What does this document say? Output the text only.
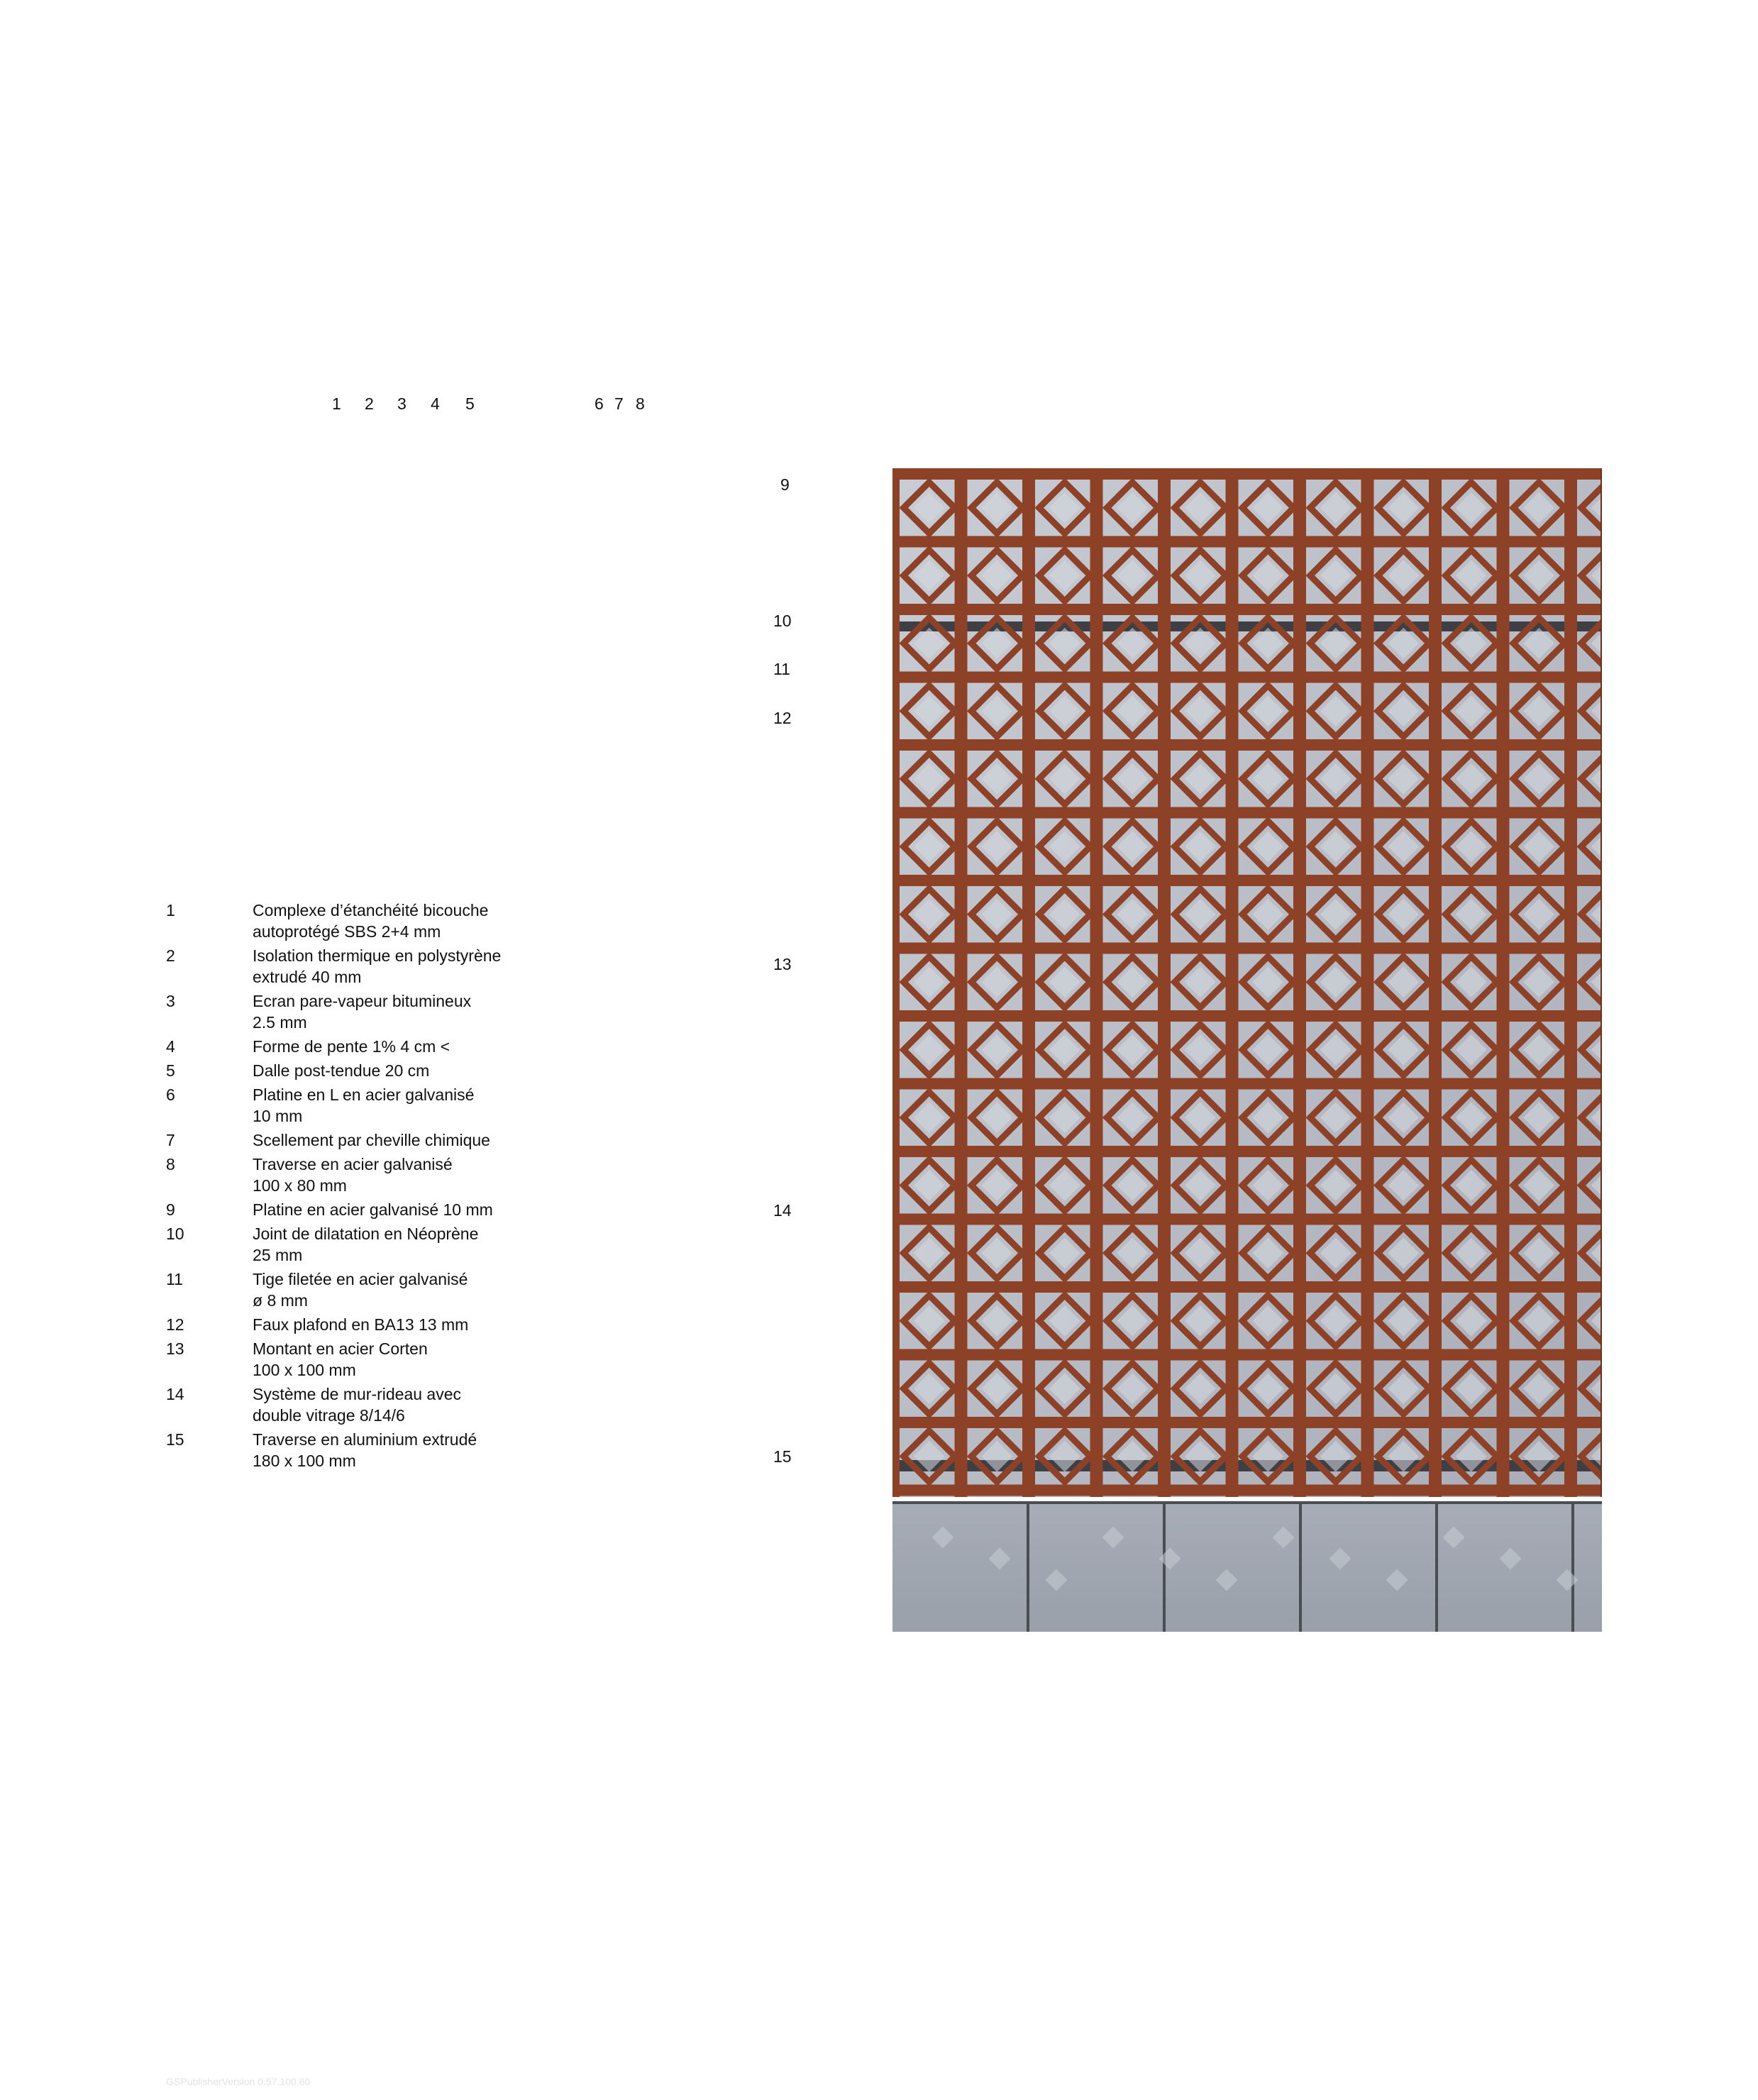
1 2 3 4 5	6 7 8
9
10
11
12
13
14
15
1	Complexe d’étanchéité bicouche
autoprotégé SBS 2+4 mm
2	Isolation thermique en polystyrène
extrudé 40 mm
3	Ecran pare-vapeur bitumineux
2.5 mm
4	Forme de pente 1% 4 cm <
5	Dalle post-tendue 20 cm
6	Platine en L en acier galvanisé
10 mm
7	Scellement par cheville chimique
8	Traverse en acier galvanisé
100 x 80 mm
9	Platine en acier galvanisé 10 mm
10	Joint de dilatation en Néoprène
25 mm
11	Tige filetée en acier galvanisé
ø 8 mm
12	Faux plafond en BA13 13 mm
13	Montant en acier Corten
100 x 100 mm
14	Système de mur-rideau avec
double vitrage 8/14/6
15	Traverse en aluminium extrudé
180 x 100 mm
GSPublisherVersion 0.57.100.80
